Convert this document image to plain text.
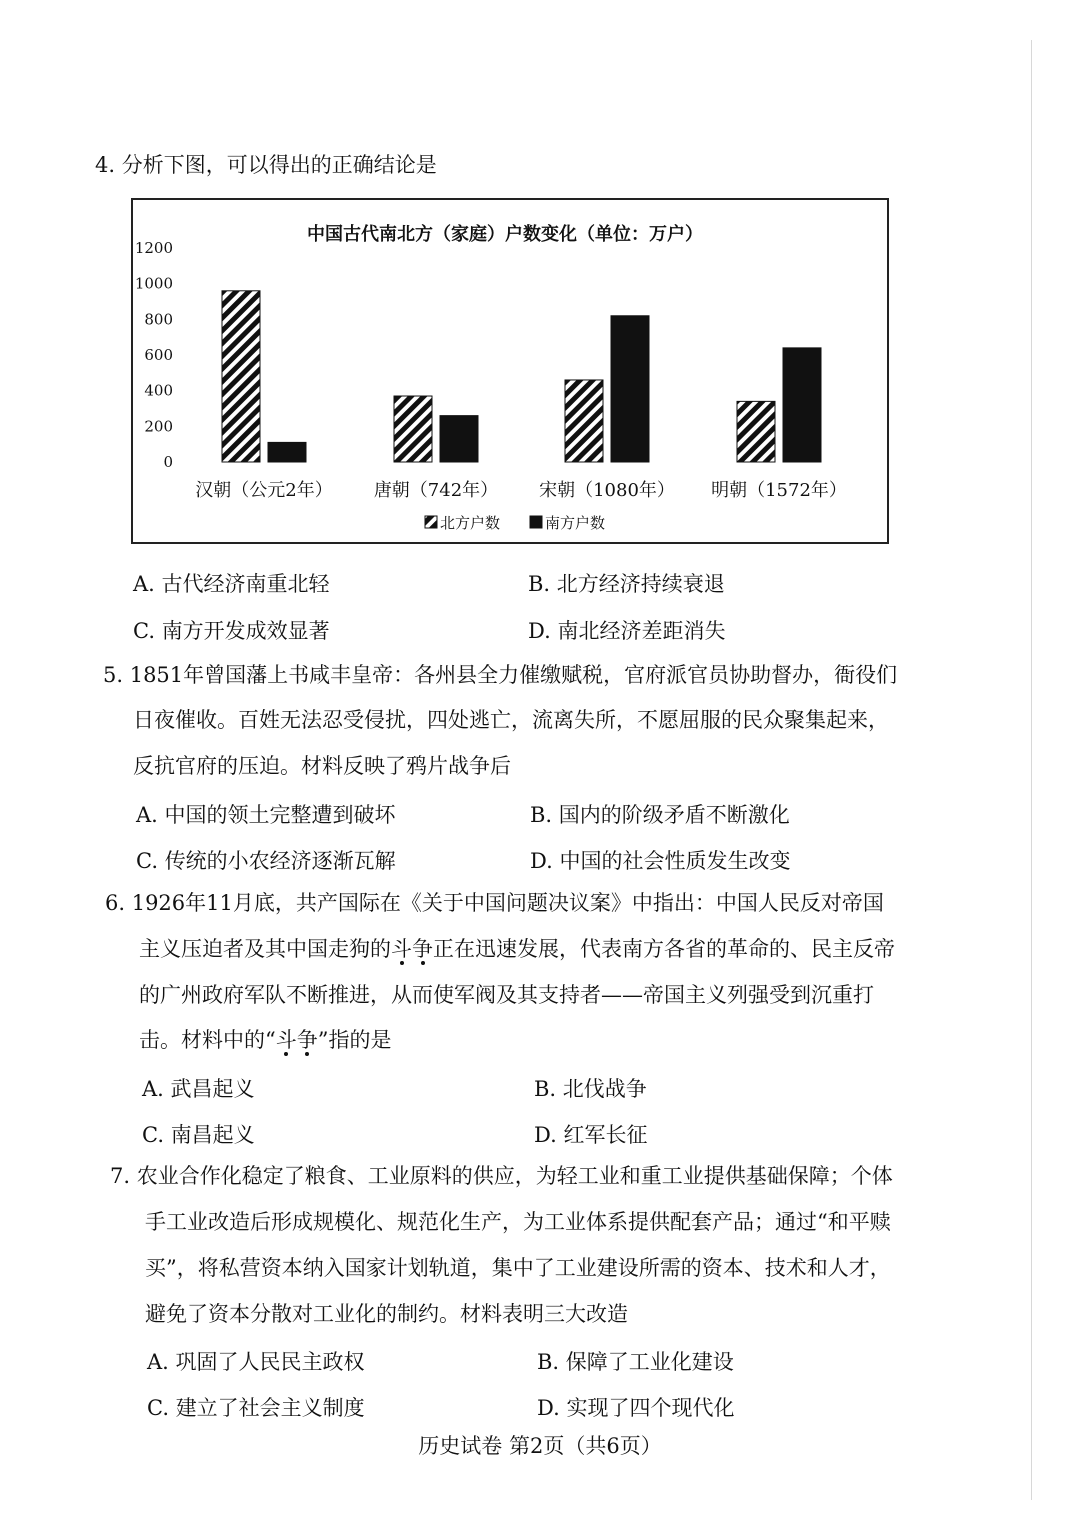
4. 分析下图，可以得出的正确结论是
中国古代南北方（家庭）户数变化（单位：万户）
0
200
400
600
800
1000
1200
汉朝（公元2年） 唐朝（742年） 宋朝（1080年） 明朝（1572年）
北方户数	南方户数
A. 古代经济南重北轻	B. 北方经济持续衰退
C. 南方开发成效显著	D. 南北经济差距消失
5. 1851年曾国藩上书咸丰皇帝：各州县全力催缴赋税，官府派官员协助督办，衙役们
日夜催收。百姓无法忍受侵扰，四处逃亡，流离失所，不愿屈服的民众聚集起来，
反抗官府的压迫。材料反映了鸦片战争后
A. 中国的领土完整遭到破坏	B. 国内的阶级矛盾不断激化
C. 传统的小农经济逐渐瓦解	D. 中国的社会性质发生改变
6. 1926年11月底，共产国际在《关于中国问题决议案》中指出：中国人民反对帝国
主义压迫者及其中国走狗的斗争正在迅速发展，代表南方各省的革命的、民主反帝
的广州政府军队不断推进，从而使军阀及其支持者——帝国主义列强受到沉重打
击。材料中的“斗争”指的是
A. 武昌起义	B. 北伐战争
C. 南昌起义	D. 红军长征
7. 农业合作化稳定了粮食、工业原料的供应，为轻工业和重工业提供基础保障；个体
手工业改造后形成规模化、规范化生产，为工业体系提供配套产品；通过“和平赎
买”，将私营资本纳入国家计划轨道，集中了工业建设所需的资本、技术和人才，
避免了资本分散对工业化的制约。材料表明三大改造
A. 巩固了人民民主政权	B. 保障了工业化建设
C. 建立了社会主义制度	D. 实现了四个现代化
历史试卷 第2页（共6页）
